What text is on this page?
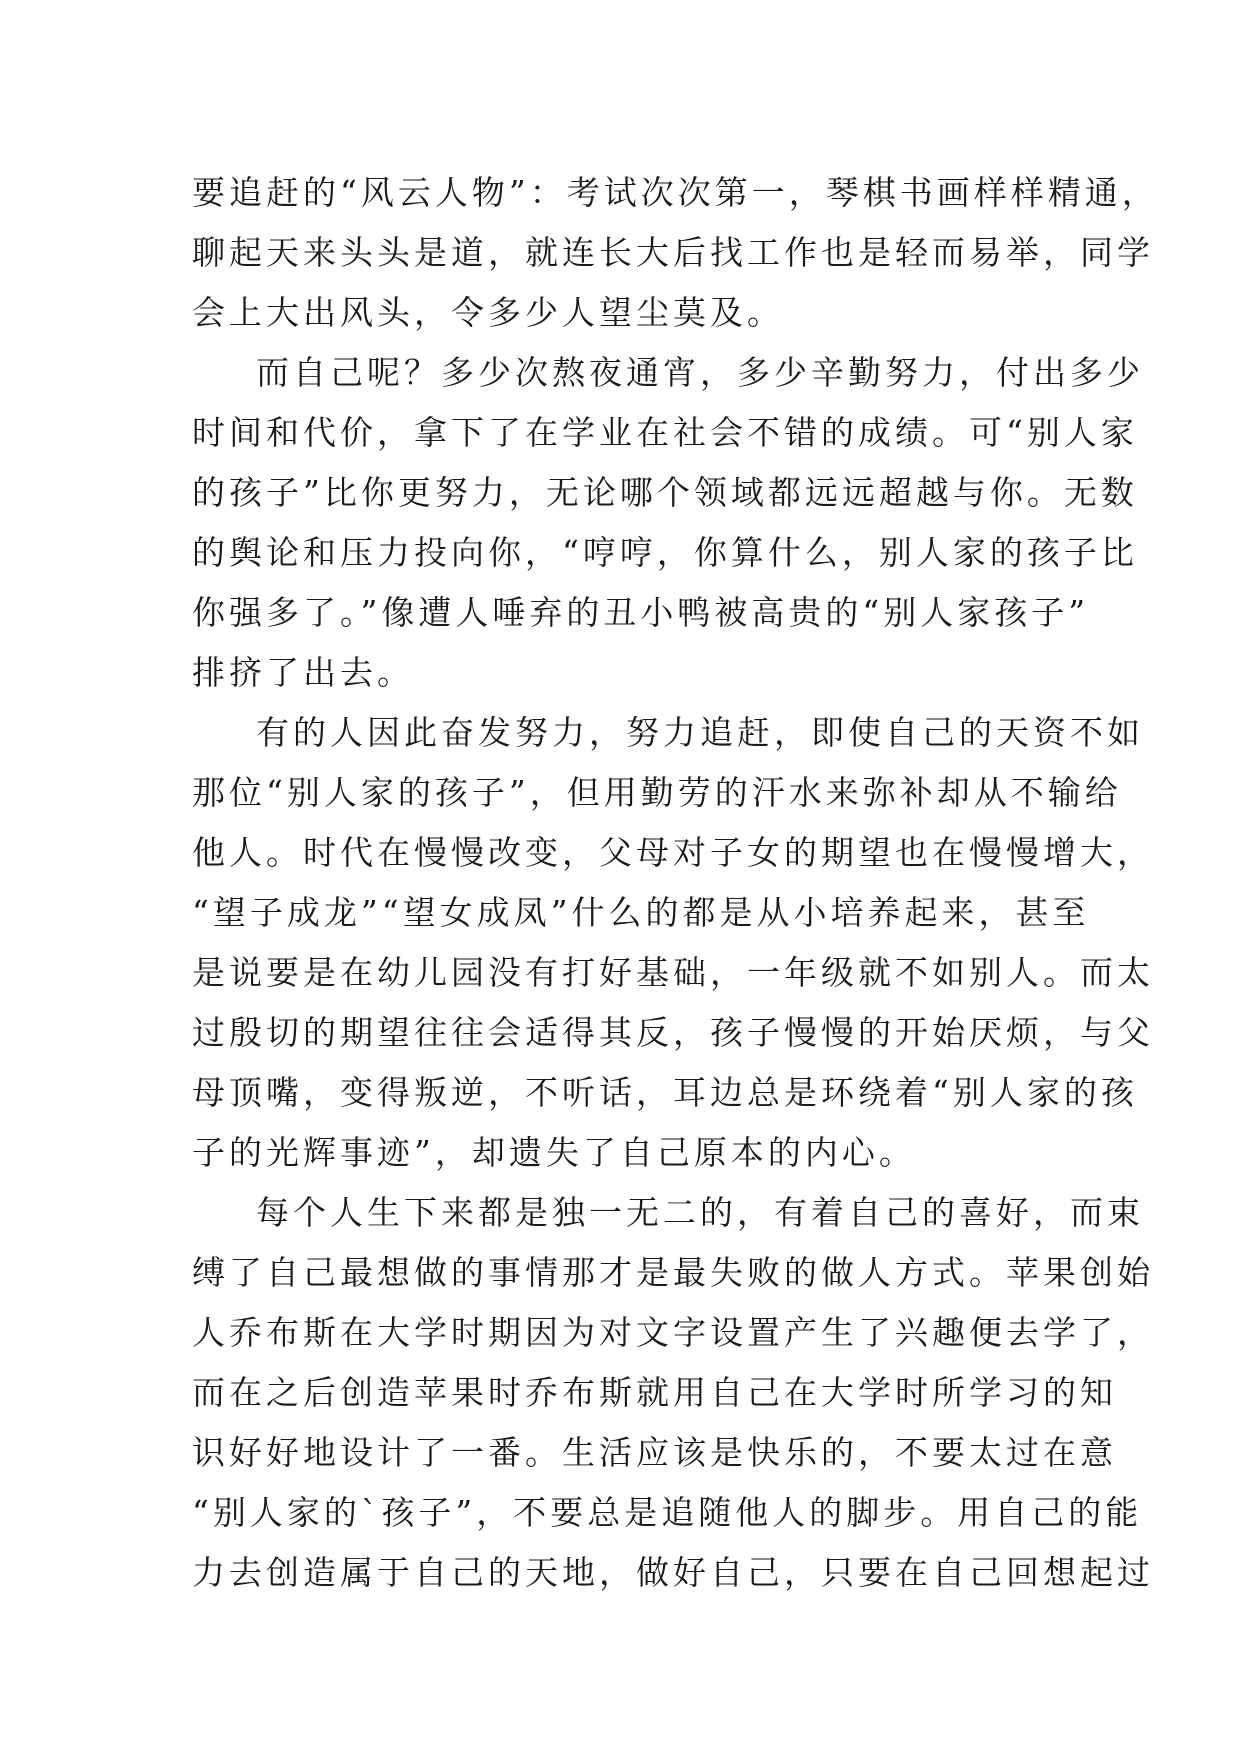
要追赶的“风云人物”：考试次次第一，琴棋书画样样精通，
聊起天来头头是道，就连长大后找工作也是轻而易举，同学
会上大出风头，令多少人望尘莫及。
而自己呢？多少次熬夜通宵，多少辛勤努力，付出多少
时间和代价，拿下了在学业在社会不错的成绩。可“别人家
的孩子”比你更努力，无论哪个领域都远远超越与你。无数
的舆论和压力投向你，“哼哼，你算什么，别人家的孩子比
你强多了。”像遭人唾弃的丑小鸭被高贵的“别人家孩子”
排挤了出去。
有的人因此奋发努力，努力追赶，即使自己的天资不如
那位“别人家的孩子”，但用勤劳的汗水来弥补却从不输给
他人。时代在慢慢改变，父母对子女的期望也在慢慢增大，
“望子成龙”“望女成凤”什么的都是从小培养起来，甚至
是说要是在幼儿园没有打好基础，一年级就不如别人。而太
过殷切的期望往往会适得其反，孩子慢慢的开始厌烦，与父
母顶嘴，变得叛逆，不听话，耳边总是环绕着“别人家的孩
子的光辉事迹”，却遗失了自己原本的内心。
每个人生下来都是独一无二的，有着自己的喜好，而束
缚了自己最想做的事情那才是最失败的做人方式。苹果创始
人乔布斯在大学时期因为对文字设置产生了兴趣便去学了，
而在之后创造苹果时乔布斯就用自己在大学时所学习的知
识好好地设计了一番。生活应该是快乐的，不要太过在意
“别人家的`孩子”，不要总是追随他人的脚步。用自己的能
力去创造属于自己的天地，做好自己，只要在自己回想起过
